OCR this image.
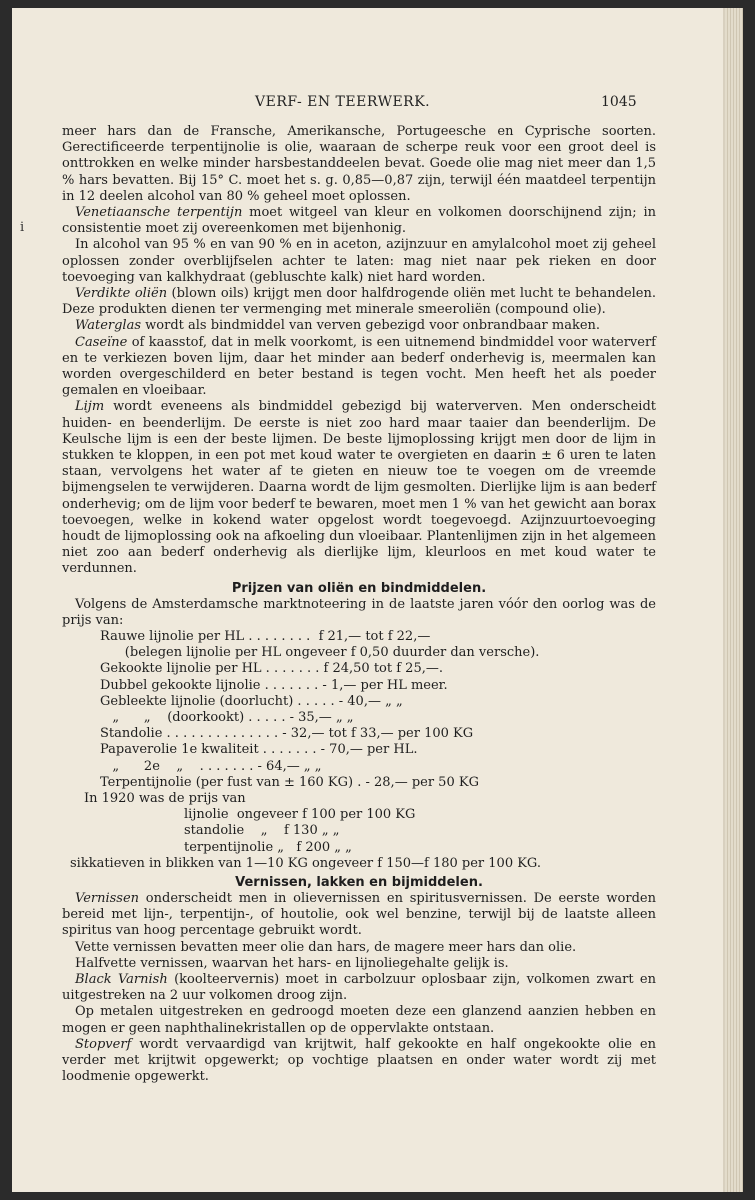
VERF- EN TEERWERK.	1045
i

meer hars dan de Fransche, Amerikansche, Portugeesche en Cyprische soorten. Gerectificeerde terpentijnolie is olie, waaraan de scherpe reuk voor een groot deel is onttrokken en welke minder harsbestanddeelen bevat. Goede olie mag niet meer dan 1,5 % hars bevatten. Bij 15° C. moet het s. g. 0,85—0,87 zijn, terwijl één maatdeel terpentijn in 12 deelen alcohol van 80 % geheel moet oplossen.

Venetiaansche terpentijn moet witgeel van kleur en volkomen doorschijnend zijn; in consistentie moet zij overeenkomen met bijenhonig.

In alcohol van 95 % en van 90 % en in aceton, azijnzuur en amylalcohol moet zij geheel oplossen zonder overblijfselen achter te laten: mag niet naar pek rieken en door toevoeging van kalkhydraat (gebluschte kalk) niet hard worden.

Verdikte oliën (blown oils) krijgt men door halfdrogende oliën met lucht te behandelen. Deze produkten dienen ter vermenging met minerale smeeroliën (compound olie).

Waterglas wordt als bindmiddel van verven gebezigd voor onbrandbaar maken.

Caseïne of kaasstof, dat in melk voorkomt, is een uitnemend bindmiddel voor waterverf en te verkiezen boven lijm, daar het minder aan bederf onderhevig is, meermalen kan worden overgeschilderd en beter bestand is tegen vocht. Men heeft het als poeder gemalen en vloeibaar.

Lijm wordt eveneens als bindmiddel gebezigd bij waterverven. Men onderscheidt huiden- en beenderlijm. De eerste is niet zoo hard maar taaier dan beenderlijm. De Keulsche lijm is een der beste lijmen. De beste lijmoplossing krijgt men door de lijm in stukken te kloppen, in een pot met koud water te overgieten en daarin ± 6 uren te laten staan, vervolgens het water af te gieten en nieuw toe te voegen om de vreemde bijmengselen te verwijderen. Daarna wordt de lijm gesmolten. Dierlijke lijm is aan bederf onderhevig; om de lijm voor bederf te bewaren, moet men 1 % van het gewicht aan borax toevoegen, welke in kokend water opgelost wordt toegevoegd. Azijnzuurtoevoeging houdt de lijmoplossing ook na afkoeling dun vloeibaar. Plantenlijmen zijn in het algemeen niet zoo aan bederf onderhevig als dierlijke lijm, kleurloos en met koud water te verdunnen.

Prijzen van oliën en bindmiddelen.

Volgens de Amsterdamsche marktnoteering in de laatste jaren vóór den oorlog was de prijs van:

Rauwe lijnolie per HL . . . . . . . .  f 21,— tot f 22,—
(belegen lijnolie per HL ongeveer f 0,50 duurder dan versche).
Gekookte lijnolie per HL . . . . . . . f 24,50 tot f 25,—.
Dubbel gekookte lijnolie . . . . . . . - 1,— per HL meer.
Gebleekte lijnolie (doorlucht) . . . . . - 40,— „ „
„      „    (doorkookt) . . . . . - 35,— „ „
Standolie . . . . . . . . . . . . . . - 32,— tot f 33,— per 100 KG
Papaverolie 1e kwaliteit . . . . . . . - 70,— per HL.
„      2e    „    . . . . . . . - 64,— „ „
Terpentijnolie (per fust van ± 160 KG) . - 28,— per 50 KG
In 1920 was de prijs van
lijnolie  ongeveer f 100 per 100 KG
standolie    „    f 130 „ „
terpentijnolie „   f 200 „ „
sikkatieven in blikken van 1—10 KG ongeveer f 150—f 180 per 100 KG.
Vernissen, lakken en bijmiddelen.

Vernissen onderscheidt men in olievernissen en spiritusvernissen. De eerste worden bereid met lijn-, terpentijn-, of houtolie, ook wel benzine, terwijl bij de laatste alleen spiritus van hoog percentage gebruikt wordt.

Vette vernissen bevatten meer olie dan hars, de magere meer hars dan olie.

Halfvette vernissen, waarvan het hars- en lijnoliegehalte gelijk is.

Black Varnish (koolteervernis) moet in carbolzuur oplosbaar zijn, volkomen zwart en uitgestreken na 2 uur volkomen droog zijn.

Op metalen uitgestreken en gedroogd moeten deze een glanzend aanzien hebben en mogen er geen naphthalinekristallen op de oppervlakte ontstaan.

Stopverf wordt vervaardigd van krijtwit, half gekookte en half ongekookte olie en verder met krijtwit opgewerkt; op vochtige plaatsen en onder water wordt zij met loodmenie opgewerkt.
